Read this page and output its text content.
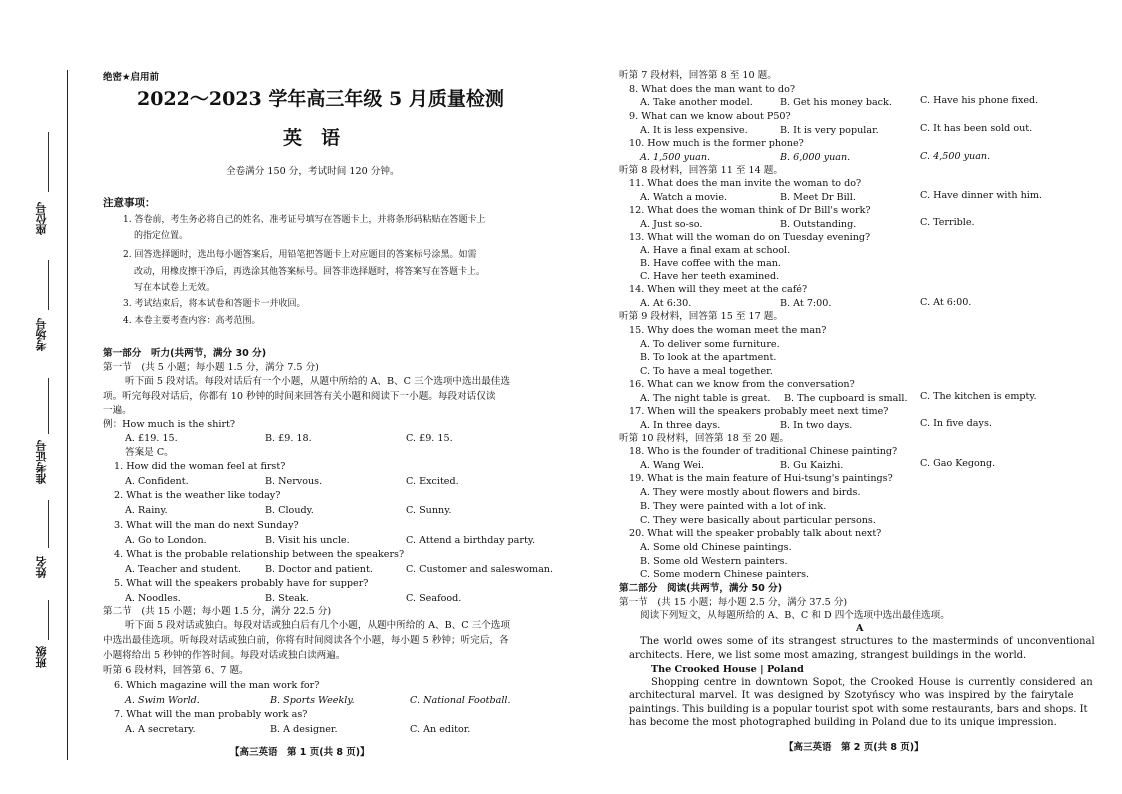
座位号
考场号
准考证号
姓名
班级
绝密★启用前
2022～2023 学年高三年级 5 月质量检测
英　语
全卷满分 150 分，考试时间 120 分钟。
注意事项：
1. 答卷前，考生务必将自己的姓名、准考证号填写在答题卡上，并将条形码粘贴在答题卡上
的指定位置。
2. 回答选择题时，选出每小题答案后，用铅笔把答题卡上对应题目的答案标号涂黑。如需
改动，用橡皮擦干净后，再选涂其他答案标号。回答非选择题时，将答案写在答题卡上。
写在本试卷上无效。
3. 考试结束后，将本试卷和答题卡一并收回。
4. 本卷主要考查内容：高考范围。
第一部分　听力(共两节，满分 30 分)
第一节　(共 5 小题；每小题 1.5 分，满分 7.5 分)
听下面 5 段对话。每段对话后有一个小题，从题中所给的 A、B、C 三个选项中选出最佳选
项。听完每段对话后，你都有 10 秒钟的时间来回答有关小题和阅读下一小题。每段对话仅读
一遍。
例：How much is the shirt?
A. £19. 15.	B. £9. 18.	C. £9. 15.
答案是 C。
1. How did the woman feel at first?
A. Confident.	B. Nervous.	C. Excited.
2. What is the weather like today?
A. Rainy.	B. Cloudy.	C. Sunny.
3. What will the man do next Sunday?
A. Go to London.	B. Visit his uncle.	C. Attend a birthday party.
4. What is the probable relationship between the speakers?
A. Teacher and student.	B. Doctor and patient.	C. Customer and saleswoman.
5. What will the speakers probably have for supper?
A. Noodles.	B. Steak.	C. Seafood.
第二节　(共 15 小题；每小题 1.5 分，满分 22.5 分)
听下面 5 段对话或独白。每段对话或独白后有几个小题，从题中所给的 A、B、C 三个选项
中选出最佳选项。听每段对话或独白前，你将有时间阅读各个小题，每小题 5 秒钟；听完后，各
小题将给出 5 秒钟的作答时间。每段对话或独白读两遍。
听第 6 段材料，回答第 6、7 题。
6. Which magazine will the man work for?
A. Swim World.	B. Sports Weekly.	C. National Football.
7. What will the man probably work as?
A. A secretary.	B. A designer.	C. An editor.
【高三英语　第 1 页(共 8 页)】
听第 7 段材料，回答第 8 至 10 题。
8. What does the man want to do?
A. Take another model.	B. Get his money back.	C. Have his phone fixed.
9. What can we know about P50?
A. It is less expensive.	B. It is very popular.	C. It has been sold out.
10. How much is the former phone?
A. 1,500 yuan.	B. 6,000 yuan.	C. 4,500 yuan.
听第 8 段材料，回答第 11 至 14 题。
11. What does the man invite the woman to do?
A. Watch a movie.	B. Meet Dr Bill.	C. Have dinner with him.
12. What does the woman think of Dr Bill's work?
A. Just so-so.	B. Outstanding.	C. Terrible.
13. What will the woman do on Tuesday evening?
A. Have a final exam at school.
B. Have coffee with the man.
C. Have her teeth examined.
14. When will they meet at the café?
A. At 6:30.	B. At 7:00.	C. At 6:00.
听第 9 段材料，回答第 15 至 17 题。
15. Why does the woman meet the man?
A. To deliver some furniture.
B. To look at the apartment.
C. To have a meal together.
16. What can we know from the conversation?
A. The night table is great. B. The cupboard is small. C. The kitchen is empty.
17. When will the speakers probably meet next time?
A. In three days.	B. In two days.	C. In five days.
听第 10 段材料，回答第 18 至 20 题。
18. Who is the founder of traditional Chinese painting?
A. Wang Wei.	B. Gu Kaizhi.	C. Gao Kegong.
19. What is the main feature of Hui-tsung's paintings?
A. They were mostly about flowers and birds.
B. They were painted with a lot of ink.
C. They were basically about particular persons.
20. What will the speaker probably talk about next?
A. Some old Chinese paintings.
B. Some old Western painters.
C. Some modern Chinese painters.
第二部分　阅读(共两节，满分 50 分)
第一节　(共 15 小题；每小题 2.5 分，满分 37.5 分)
阅读下列短文，从每题所给的 A、B、C 和 D 四个选项中选出最佳选项。
A
The world owes some of its strangest structures to the masterminds of unconventional
architects. Here, we list some most amazing, strangest buildings in the world.
The Crooked House | Poland
Shopping centre in downtown Sopot, the Crooked House is currently considered an
architectural marvel. It was designed by Szotyńscy who was inspired by the fairytale
paintings. This building is a popular tourist spot with some restaurants, bars and shops. It
has become the most photographed building in Poland due to its unique impression.
【高三英语　第 2 页(共 8 页)】
